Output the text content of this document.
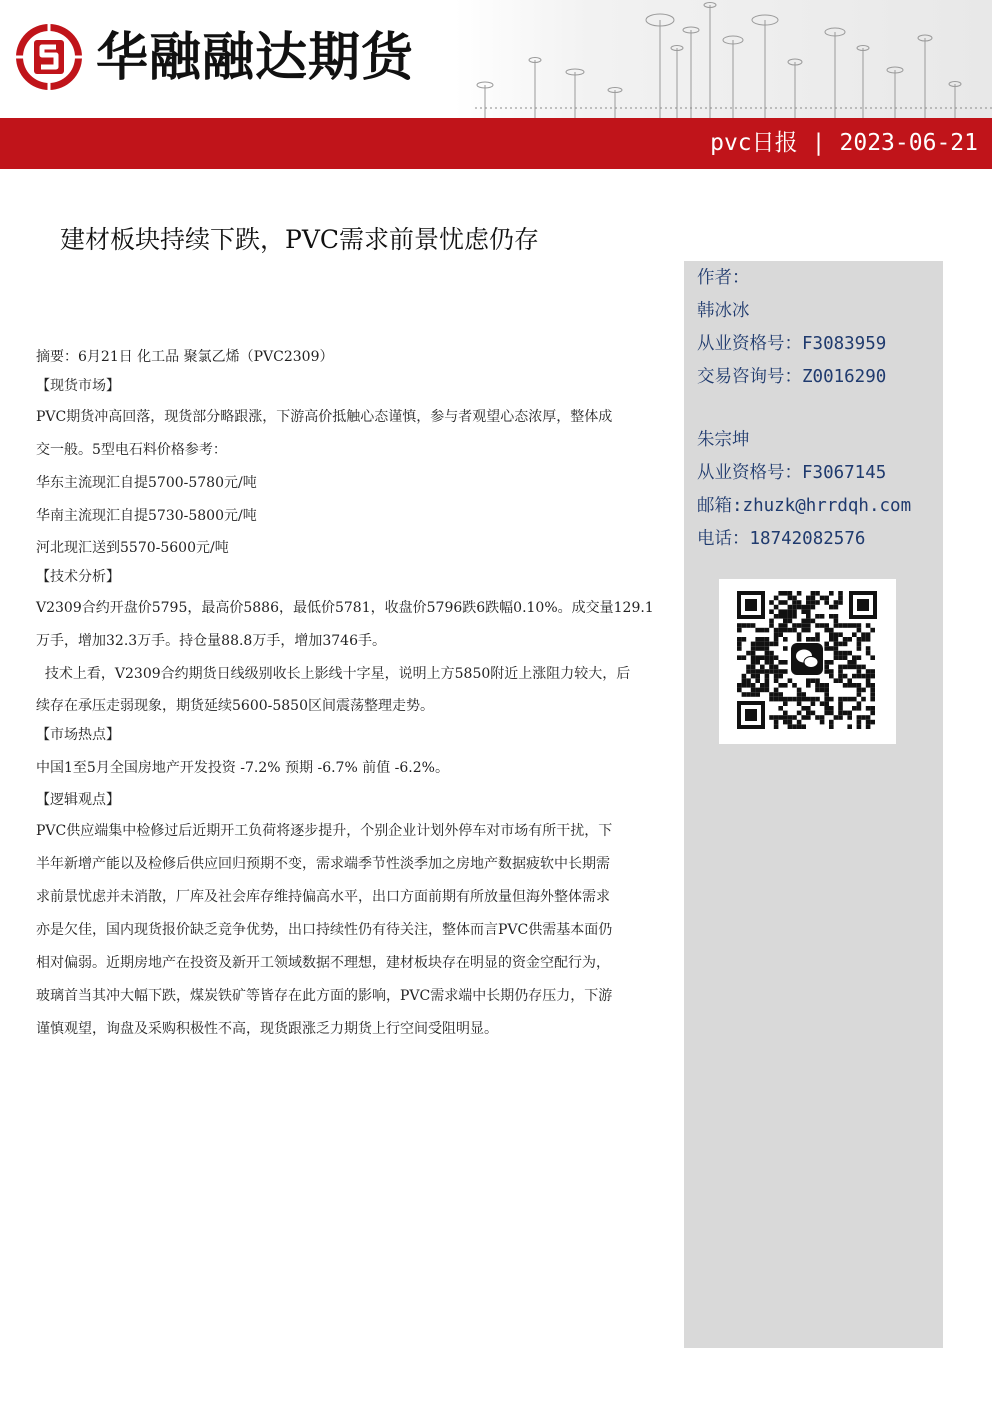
华融融达期货
pvc日报 | 2023-06-21
建材板块持续下跌，PVC需求前景忧虑仍存
作者：
韩冰冰
从业资格号：F3083959
交易咨询号：Z0016290
朱宗坤
从业资格号：F3067145
邮箱:zhuzk@hrrdqh.com
电话：18742082576

摘要：6月21日 化工品 聚氯乙烯（PVC2309）

【现货市场】

PVC期货冲高回落，现货部分略跟涨，下游高价抵触心态谨慎，参与者观望心态浓厚，整体成

交一般。5型电石料价格参考：

华东主流现汇自提5700-5780元/吨

华南主流现汇自提5730-5800元/吨

河北现汇送到5570-5600元/吨

【技术分析】

V2309合约开盘价5795，最高价5886，最低价5781，收盘价5796跌6跌幅0.10%。成交量129.1

万手，增加32.3万手。持仓量88.8万手，增加3746手。

技术上看，V2309合约期货日线级别收长上影线十字星，说明上方5850附近上涨阻力较大，后

续存在承压走弱现象，期货延续5600-5850区间震荡整理走势。

【市场热点】

中国1至5月全国房地产开发投资 -7.2% 预期 -6.7% 前值 -6.2%。

【逻辑观点】

PVC供应端集中检修过后近期开工负荷将逐步提升，个别企业计划外停车对市场有所干扰，下

半年新增产能以及检修后供应回归预期不变，需求端季节性淡季加之房地产数据疲软中长期需

求前景忧虑并未消散，厂库及社会库存维持偏高水平，出口方面前期有所放量但海外整体需求

亦是欠佳，国内现货报价缺乏竞争优势，出口持续性仍有待关注，整体而言PVC供需基本面仍

相对偏弱。近期房地产在投资及新开工领域数据不理想，建材板块存在明显的资金空配行为，

玻璃首当其冲大幅下跌，煤炭铁矿等皆存在此方面的影响，PVC需求端中长期仍存压力，下游

谨慎观望，询盘及采购积极性不高，现货跟涨乏力期货上行空间受阻明显。
